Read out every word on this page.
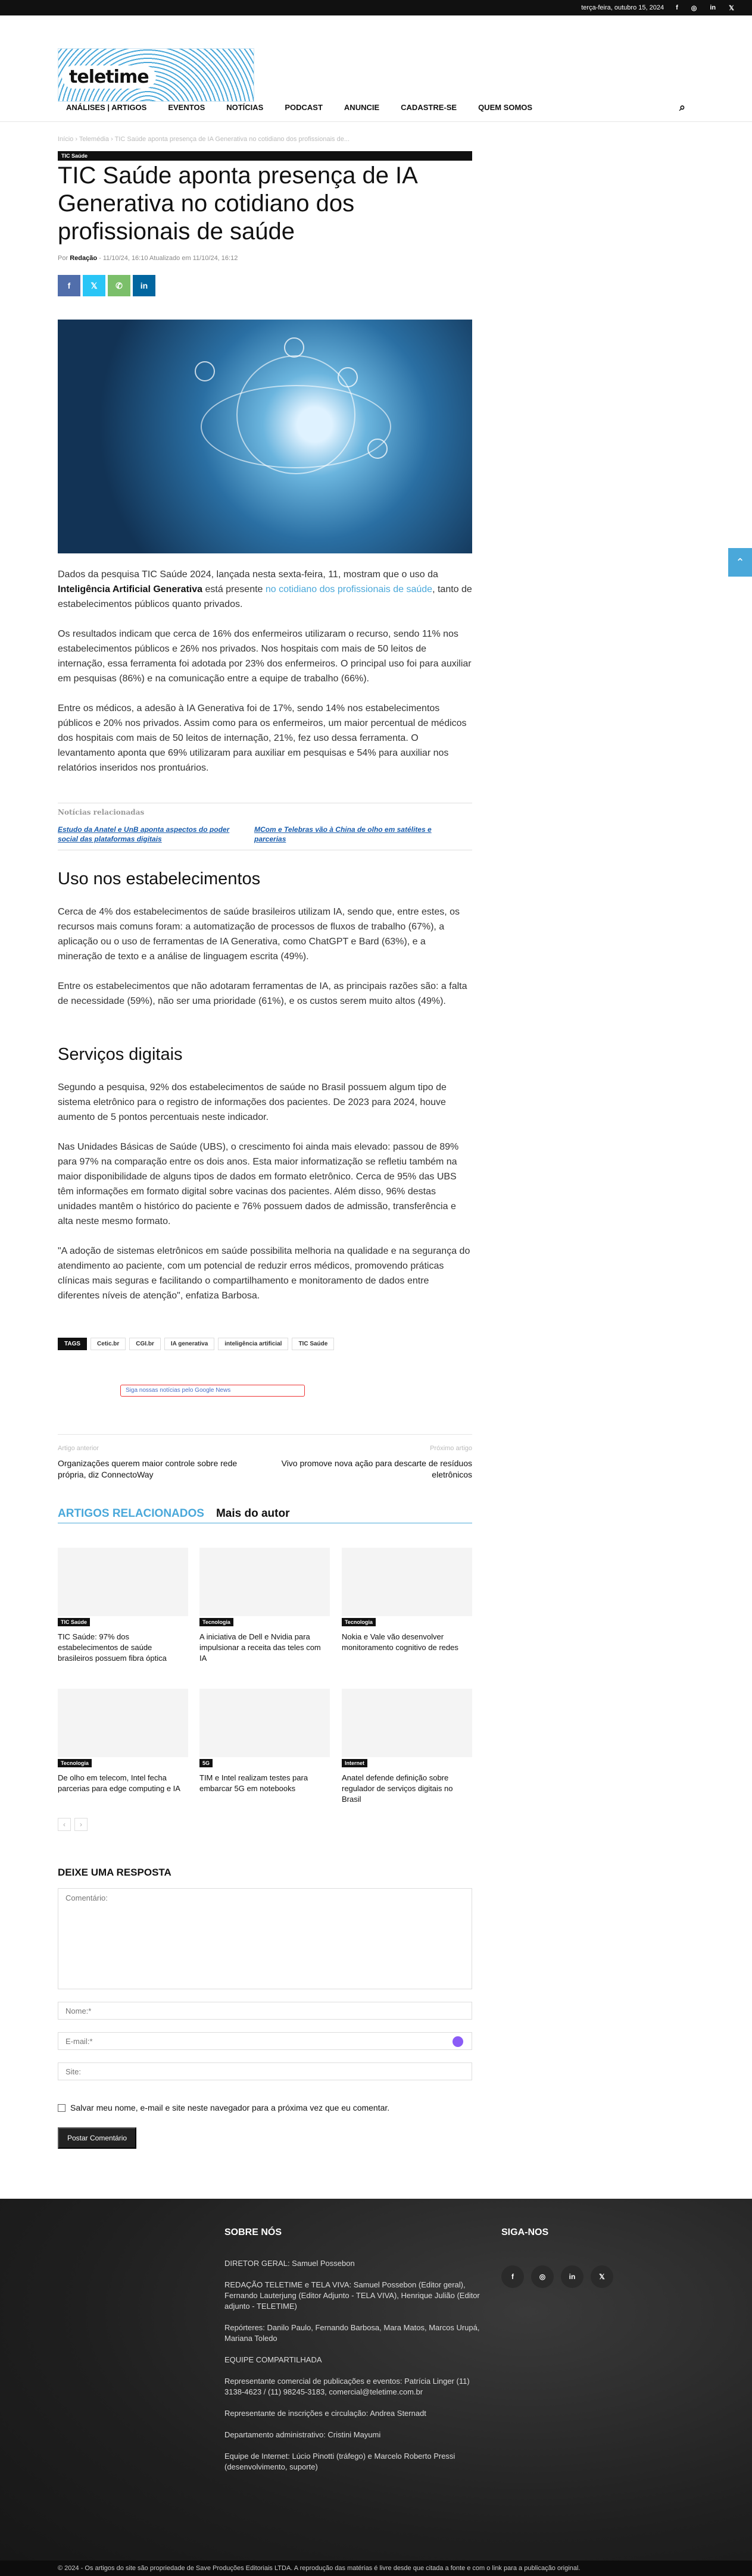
terça-feira, outubro 15, 2024 f ◎ in 𝕏
teletime
ANÁLISES | ARTIGOS	EVENTOS	NOTÍCIAS	PODCAST	ANUNCIE	CADASTRE-SE	QUEM SOMOS	⌕
Início › Telemédia › TIC Saúde aponta presença de IA Generativa no cotidiano dos profissionais de...
TIC Saúde
TIC Saúde aponta presença de IA Generativa no cotidiano dos profissionais de saúde
Por Redação - 11/10/24, 16:10 Atualizado em 11/10/24, 16:12
f	𝕏	✆	in

Dados da pesquisa TIC Saúde 2024, lançada nesta sexta-feira, 11, mostram que o uso da Inteligência Artificial Generativa está presente no cotidiano dos profissionais de saúde, tanto de estabelecimentos públicos quanto privados.

Os resultados indicam que cerca de 16% dos enfermeiros utilizaram o recurso, sendo 11% nos estabelecimentos públicos e 26% nos privados. Nos hospitais com mais de 50 leitos de internação, essa ferramenta foi adotada por 23% dos enfermeiros. O principal uso foi para auxiliar em pesquisas (86%) e na comunicação entre a equipe de trabalho (66%).

Entre os médicos, a adesão à IA Generativa foi de 17%, sendo 14% nos estabelecimentos públicos e 20% nos privados. Assim como para os enfermeiros, um maior percentual de médicos dos hospitais com mais de 50 leitos de internação, 21%, fez uso dessa ferramenta. O levantamento aponta que 69% utilizaram para auxiliar em pesquisas e 54% para auxiliar nos relatórios inseridos nos prontuários.

Notícias relacionadas
Estudo da Anatel e UnB aponta aspectos do poder social das plataformas digitais
MCom e Telebras vão à China de olho em satélites e parcerias
Uso nos estabelecimentos

Cerca de 4% dos estabelecimentos de saúde brasileiros utilizam IA, sendo que, entre estes, os recursos mais comuns foram: a automatização de processos de fluxos de trabalho (67%), a aplicação ou o uso de ferramentas de IA Generativa, como ChatGPT e Bard (63%), e a mineração de texto e a análise de linguagem escrita (49%).

Entre os estabelecimentos que não adotaram ferramentas de IA, as principais razões são: a falta de necessidade (59%), não ser uma prioridade (61%), e os custos serem muito altos (49%).

Serviços digitais

Segundo a pesquisa, 92% dos estabelecimentos de saúde no Brasil possuem algum tipo de sistema eletrônico para o registro de informações dos pacientes. De 2023 para 2024, houve aumento de 5 pontos percentuais neste indicador.

Nas Unidades Básicas de Saúde (UBS), o crescimento foi ainda mais elevado: passou de 89% para 97% na comparação entre os dois anos. Esta maior informatização se refletiu também na maior disponibilidade de alguns tipos de dados em formato eletrônico. Cerca de 95% das UBS têm informações em formato digital sobre vacinas dos pacientes. Além disso, 96% destas unidades mantêm o histórico do paciente e 76% possuem dados de admissão, transferência e alta neste mesmo formato.

"A adoção de sistemas eletrônicos em saúde possibilita melhoria na qualidade e na segurança do atendimento ao paciente, com um potencial de reduzir erros médicos, promovendo práticas clínicas mais seguras e facilitando o compartilhamento e monitoramento de dados entre diferentes níveis de atenção", enfatiza Barbosa.

TAGS	Cetic.br	CGI.br	IA generativa	inteligência artificial	TIC Saúde
Siga nossas notícias pelo Google News
Artigo anterior
Organizações querem maior controle sobre rede própria, diz ConnectoWay
Próximo artigo
Vivo promove nova ação para descarte de resíduos eletrônicos
ARTIGOS RELACIONADOS Mais do autor
TIC Saúde
TIC Saúde: 97% dos estabelecimentos de saúde brasileiros possuem fibra óptica
Tecnologia
A iniciativa de Dell e Nvidia para impulsionar a receita das teles com IA
Tecnologia
Nokia e Vale vão desenvolver monitoramento cognitivo de redes
Tecnologia
De olho em telecom, Intel fecha parcerias para edge computing e IA
5G
TIM e Intel realizam testes para embarcar 5G em notebooks
Internet
Anatel defende definição sobre regulador de serviços digitais no Brasil
‹	›
DEIXE UMA RESPOSTA
Comentário:
Nome:*
E-mail:*
Site:
Salvar meu nome, e-mail e site neste navegador para a próxima vez que eu comentar.
Postar Comentário
⌃
SOBRE NÓS	SIGA-NOS

DIRETOR GERAL: Samuel Possebon

REDAÇÃO TELETIME e TELA VIVA: Samuel Possebon (Editor geral), Fernando Lauterjung (Editor Adjunto - TELA VIVA), Henrique Julião (Editor adjunto - TELETIME)

Repórteres: Danilo Paulo, Fernando Barbosa, Mara Matos, Marcos Urupá, Mariana Toledo

EQUIPE COMPARTILHADA

Representante comercial de publicações e eventos: Patrícia Linger (11) 3138-4623 / (11) 98245-3183, comercial@teletime.com.br

Representante de inscrições e circulação: Andrea Sternadt

Departamento administrativo: Cristini Mayumi

Equipe de Internet: Lúcio Pinotti (tráfego) e Marcelo Roberto Pressi (desenvolvimento, suporte)

f	◎	in	𝕏
© 2024 - Os artigos do site são propriedade de Save Produções Editoriais LTDA. A reprodução das matérias é livre desde que citada a fonte e com o link para a publicação original.
